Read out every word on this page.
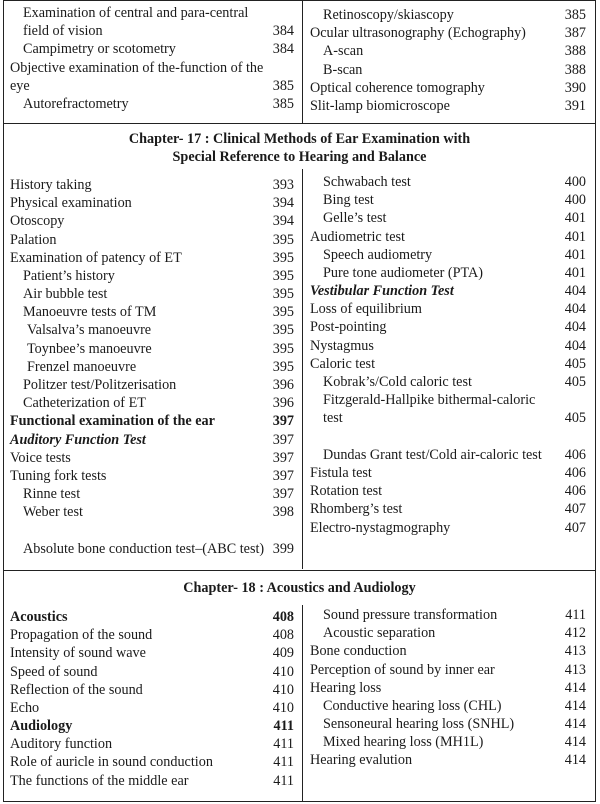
Examination of central and para-central field of vision	384
Campimetry or scotometry	384
Objective examination of the-function of the eye	385
Autorefractometry	385
Retinoscopy/skiascopy	385
Ocular ultrasonography (Echography)	387
A-scan	388
B-scan	388
Optical coherence tomography	390
Slit-lamp biomicroscope	391
Chapter- 17 : Clinical Methods of Ear Examination with
Special Reference to Hearing and Balance
History taking	393
Physical examination	394
Otoscopy	394
Palation	395
Examination of patency of ET	395
Patient’s history	395
Air bubble test	395
Manoeuvre tests of TM	395
Valsalva’s manoeuvre	395
Toynbee’s manoeuvre	395
Frenzel manoeuvre	395
Politzer test/Politzerisation	396
Catheterization of ET	396
Functional examination of the ear	397
Auditory Function Test	397
Voice tests	397
Tuning fork tests	397
Rinne test	397
Weber test	398
Absolute bone conduction test–(ABC test) 399
Schwabach test	400
Bing test	400
Gelle’s test	401
Audiometric test	401
Speech audiometry	401
Pure tone audiometer (PTA)	401
Vestibular Function Test	404
Loss of equilibrium	404
Post-pointing	404
Nystagmus	404
Caloric test	405
Kobrak’s/Cold caloric test	405
Fitzgerald-Hallpike bithermal-caloric test	405
Dundas Grant test/Cold air-caloric test	406
Fistula test	406
Rotation test	406
Rhomberg’s test	407
Electro-nystagmography	407
Chapter- 18 : Acoustics and Audiology
Acoustics	408
Propagation of the sound	408
Intensity of sound wave	409
Speed of sound	410
Reflection of the sound	410
Echo	410
Audiology	411
Auditory function	411
Role of auricle in sound conduction	411
The functions of the middle ear	411
Sound pressure transformation	411
Acoustic separation	412
Bone conduction	413
Perception of sound by inner ear	413
Hearing loss	414
Conductive hearing loss (CHL)	414
Sensoneural hearing loss (SNHL)	414
Mixed hearing loss (MH1L)	414
Hearing evalution	414
